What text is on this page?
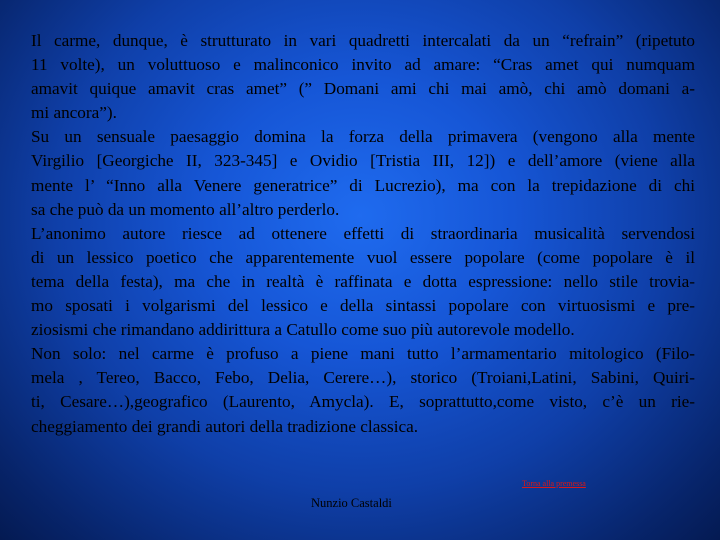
Il carme, dunque, è strutturato in vari quadretti intercalati da un “refrain” (ripetuto
11 volte), un voluttuoso e malinconico invito ad amare: “Cras amet qui numquam
amavit quique amavit cras amet” (” Domani ami chi mai amò, chi amò domani a-
mi ancora”).
Su un sensuale paesaggio domina la forza della primavera (vengono alla mente
Virgilio [Georgiche II, 323-345] e Ovidio [Tristia III, 12]) e dell’amore (viene alla
mente l’ “Inno alla Venere generatrice” di Lucrezio), ma con la trepidazione di chi
sa che può da un momento all’altro perderlo.
L’anonimo autore riesce ad ottenere effetti di straordinaria musicalità servendosi
di un lessico poetico che apparentemente vuol essere popolare (come popolare è il
tema della festa), ma che in realtà è raffinata e dotta espressione: nello stile trovia-
mo sposati i volgarismi del lessico e della sintassi popolare con virtuosismi e pre-
ziosismi che rimandano addirittura a Catullo come suo più autorevole modello.
Non solo: nel carme è profuso a piene mani tutto l’armamentario mitologico (Filo-
mela , Tereo, Bacco, Febo, Delia, Cerere…), storico (Troiani,Latini, Sabini, Quiri-
ti, Cesare…),geografico (Laurento, Amycla). E, soprattutto,come visto, c’è un rie-
cheggiamento dei grandi autori della tradizione classica.
Torna alla premessa
Nunzio Castaldi
